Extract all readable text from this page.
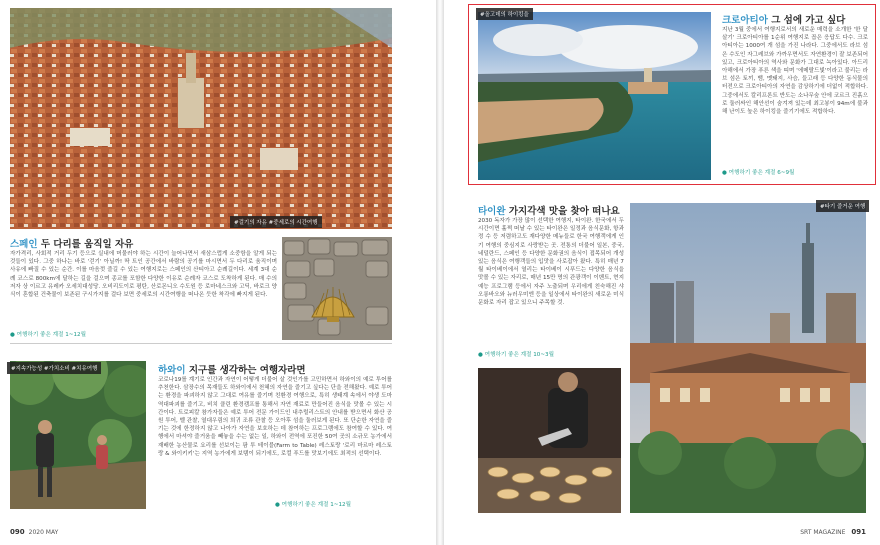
#걸기의 자유 #중세로의 시간여행
스페인 두 다리를 움직일 자유
자가격리, 사회적 거리 두기 등으로 실내에 머물러야 하는 시간이 늘어나면서 새삼스럽게 소중함을 알게 되는 것들이 있다. 그중 하나는 바로 '걷기' 아닐까! 딱 트인 공간에서 바람의 공기를 마시면서 두 다리로 움직이며 사유에 빠질 수 있는 순간. 이를 마음껏 즐길 수 있는 여행지로는 스페인의 산티아고 순례길이다. 세계 3대 순례 코스로 800km에 달하는 길을 걸으며 종교를 포함한 다양한 이유로 순례자 코스로 도착하게 된다. 매 수의 저자 상 이르고 유레카 오세치대성당. 오비리도이로 평탄, 산로몬니오 수도원 등 로마네스크와 고딕, 바로크 양식이 혼합된 건축물이 보존된 구시가지를 걸다 보면 중세로의 시간여행을 떠나온 듯한 착각에 빠지게 된다.
● 여행하기 좋은 계절 1~12월
#지속가능성 #가치소비 #치유여행	하와이 지구를 생각하는 여행자라면
코로나19를 계기로 인간과 자연이 어떻게 더불어 살 것인가를 고민하면서 하와이의 예로 투어를 추천한다. 삼장수의 목재들도 하와이에서 천혜의 자연을 즐기고 싶다는 단을 전해왔다. 예로 투어는 환경을 파괴하지 않고 그대로 여유를 즐기며 친환경 여행으로, 특히 생태계 속에서 야생 도마 역대파괴를 즐기고, 비치 클린 환경캠프를 통해서 자연 재료로 만들어진 음식을 맛볼 수 있는 시간이다. 트로피칼 참가자들은 예로 투어 전문 가이드인 내추럴리스트의 안내를 받으면서 화산 공원 투어, 벨 관찰, 열대우림의 희귀 조류 관찰 등 오아후 섬을 둘러보게 된다. 또 단순한 자연을 즐기는 것에 한정하지 않고 나아가 자연을 보호하는 데 참여하는 프로그램에도 참여할 수 있다. 여행에서 마셔야 즐거움을 빼놓을 수는 없는 일, 하와이 전역에 포진한 50여 곳의 소규모 농가에서 재배한 농산물로 요리를 선보이는 팜 투 테이블(Farm to Table) 레스토랑 '로리 마르마 레스토랑 & 와이키키'는 지역 농가에게 보탬이 되기에도, 로컬 푸드를 맛보기에도 최적의 선택이다.
● 여행하기 좋은 계절 1~12월
090 2020 MAY
#올고데의 하이킹을	크로아티아 그 섬에 가고 싶다
지난 3월 중에서 여행지로서의 새로운 매력을 소개한 '한 달 살기' 크로아티아를 1순위 여행지로 꼽은 응답도 다수. 크로아티아는 1000여 개 섬을 가진 나라다. 그중에서도 라브 섬은 수도인 자그레브와 가까우면서도 자연환경이 잘 보존되어 있고, 크로아티아의 역사와 문화가 그대로 녹아있다. 아드리아해에서 가장 푸른 색을 띠며 '에메랄드빛'이라고 불리는 라브 섬은 토끼, 뱀, 멧돼지, 사슴, 들고래 등 다양한 동식물의 터전으로 크로아티아의 자연을 감상하기에 더없이 적합하다. 그중에서도 칼리프론트 반도는 소나무숲 안에 코르크 진흙으로 둘러싸인 해안선이 숨겨져 있는데 최고봉이 94m에 불과해 난이도 높은 하이킹을 즐기기에도 적합하다.
● 여행하기 좋은 계절 6~9월
타이완 가지각색 맛을 찾아 떠나요
2030 독자가 가장 많이 선택한 여행지, 타이완. 한국에서 두 시간이면 훌쩍 떠날 수 있는 타이완은 일정과 음식문화, 항과정 수 등 저렴하고도 재다양한 메뉴들로 한국 여행객에게 인기 여행의 중심지로 사랑받는 곳. 전통의 더불어 일본, 중국, 네덜란드, 스페인 등 다양한 문화권의 음식이 접목되어 개성 있는 음식은 여행객들의 입맛을 사로잡아 왔다. 특히 매년 7월 타이베이에서 열리는 타이베이 시푸드는 다양한 음식을 맛볼 수 있는 자리로, 매년 15만 명의 관광객이 이벤트, 현지 예능 프로그램 등에서 자주 노출되며 우리에게 친숙해진 샤오롱바오와 뉴러우미엔 등을 일상에서 타이완의 새로운 미식 문화로 자리 잡고 있으니 주목할 것.
● 여행하기 좋은 계절 10~3월
#타기 즐거운 여행
SRT MAGAZINE 091
